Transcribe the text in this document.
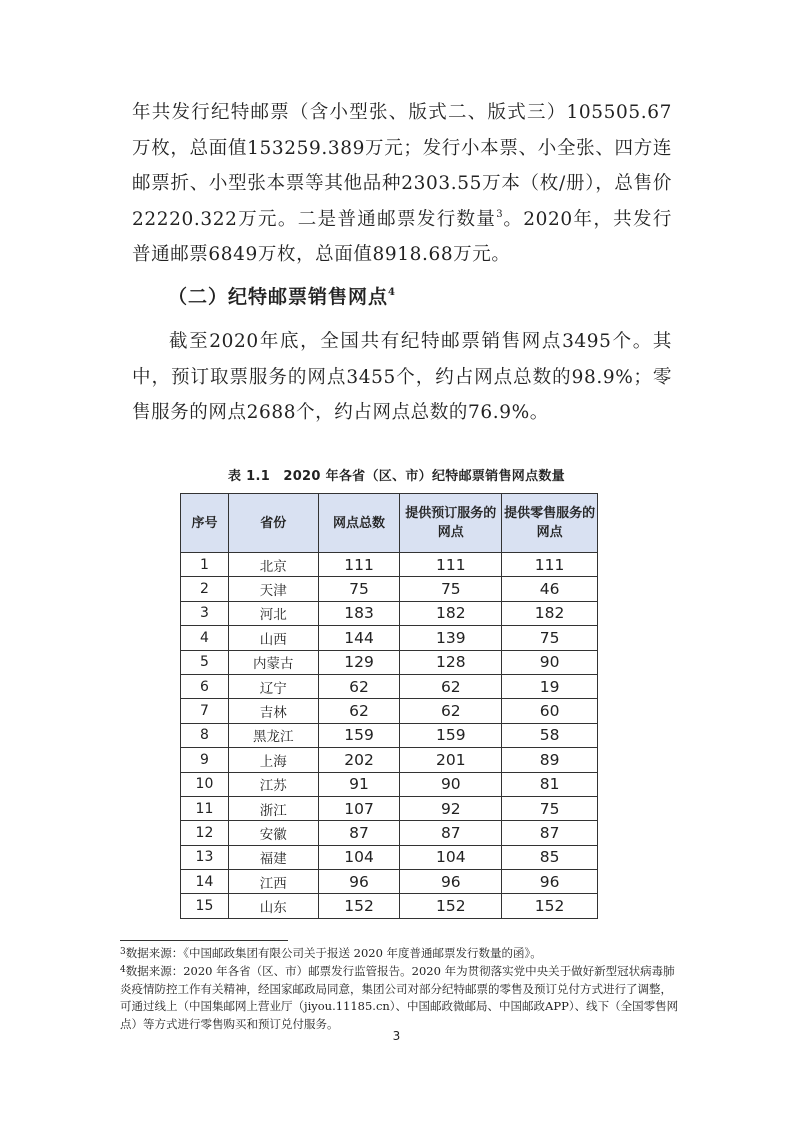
年共发行纪特邮票（含小型张、版式二、版式三）105505.67万枚，总面值153259.389万元；发行小本票、小全张、四方连邮票折、小型张本票等其他品种2303.55万本（枚/册），总售价22220.322万元。二是普通邮票发行数量$^3$。2020年，共发行普通邮票6849万枚，总面值8918.68万元。

（二）纪特邮票销售网点$^4$

截至2020年底，全国共有纪特邮票销售网点3495个。其中，预订取票服务的网点3455个，约占网点总数的98.9%；零售服务的网点2688个，约占网点总数的76.9%。

表 1.1　2020 年各省（区、市）纪特邮票销售网点数量

序号	省份	网点总数	提供预订服务的网点	提供零售服务的网点
1	北京	111	111	111
2	天津	75	75	46
3	河北	183	182	182
4	山西	144	139	75
5	内蒙古	129	128	90
6	辽宁	62	62	19
7	吉林	62	62	60
8	黑龙江	159	159	58
9	上海	202	201	89
10	江苏	91	90	81
11	浙江	107	92	75
12	安徽	87	87	87
13	福建	104	104	85
14	江西	96	96	96
15	山东	152	152	152

$^3$数据来源：《中国邮政集团有限公司关于报送 2020 年度普通邮票发行数量的函》。

$^4$数据来源：2020 年各省（区、市）邮票发行监管报告。2020 年为贯彻落实党中央关于做好新型冠状病毒肺炎疫情防控工作有关精神，经国家邮政局同意，集团公司对部分纪特邮票的零售及预订兑付方式进行了调整，可通过线上（中国集邮网上营业厅（jiyou.11185.cn）、中国邮政微邮局、中国邮政APP）、线下（全国零售网点）等方式进行零售购买和预订兑付服务。

3
